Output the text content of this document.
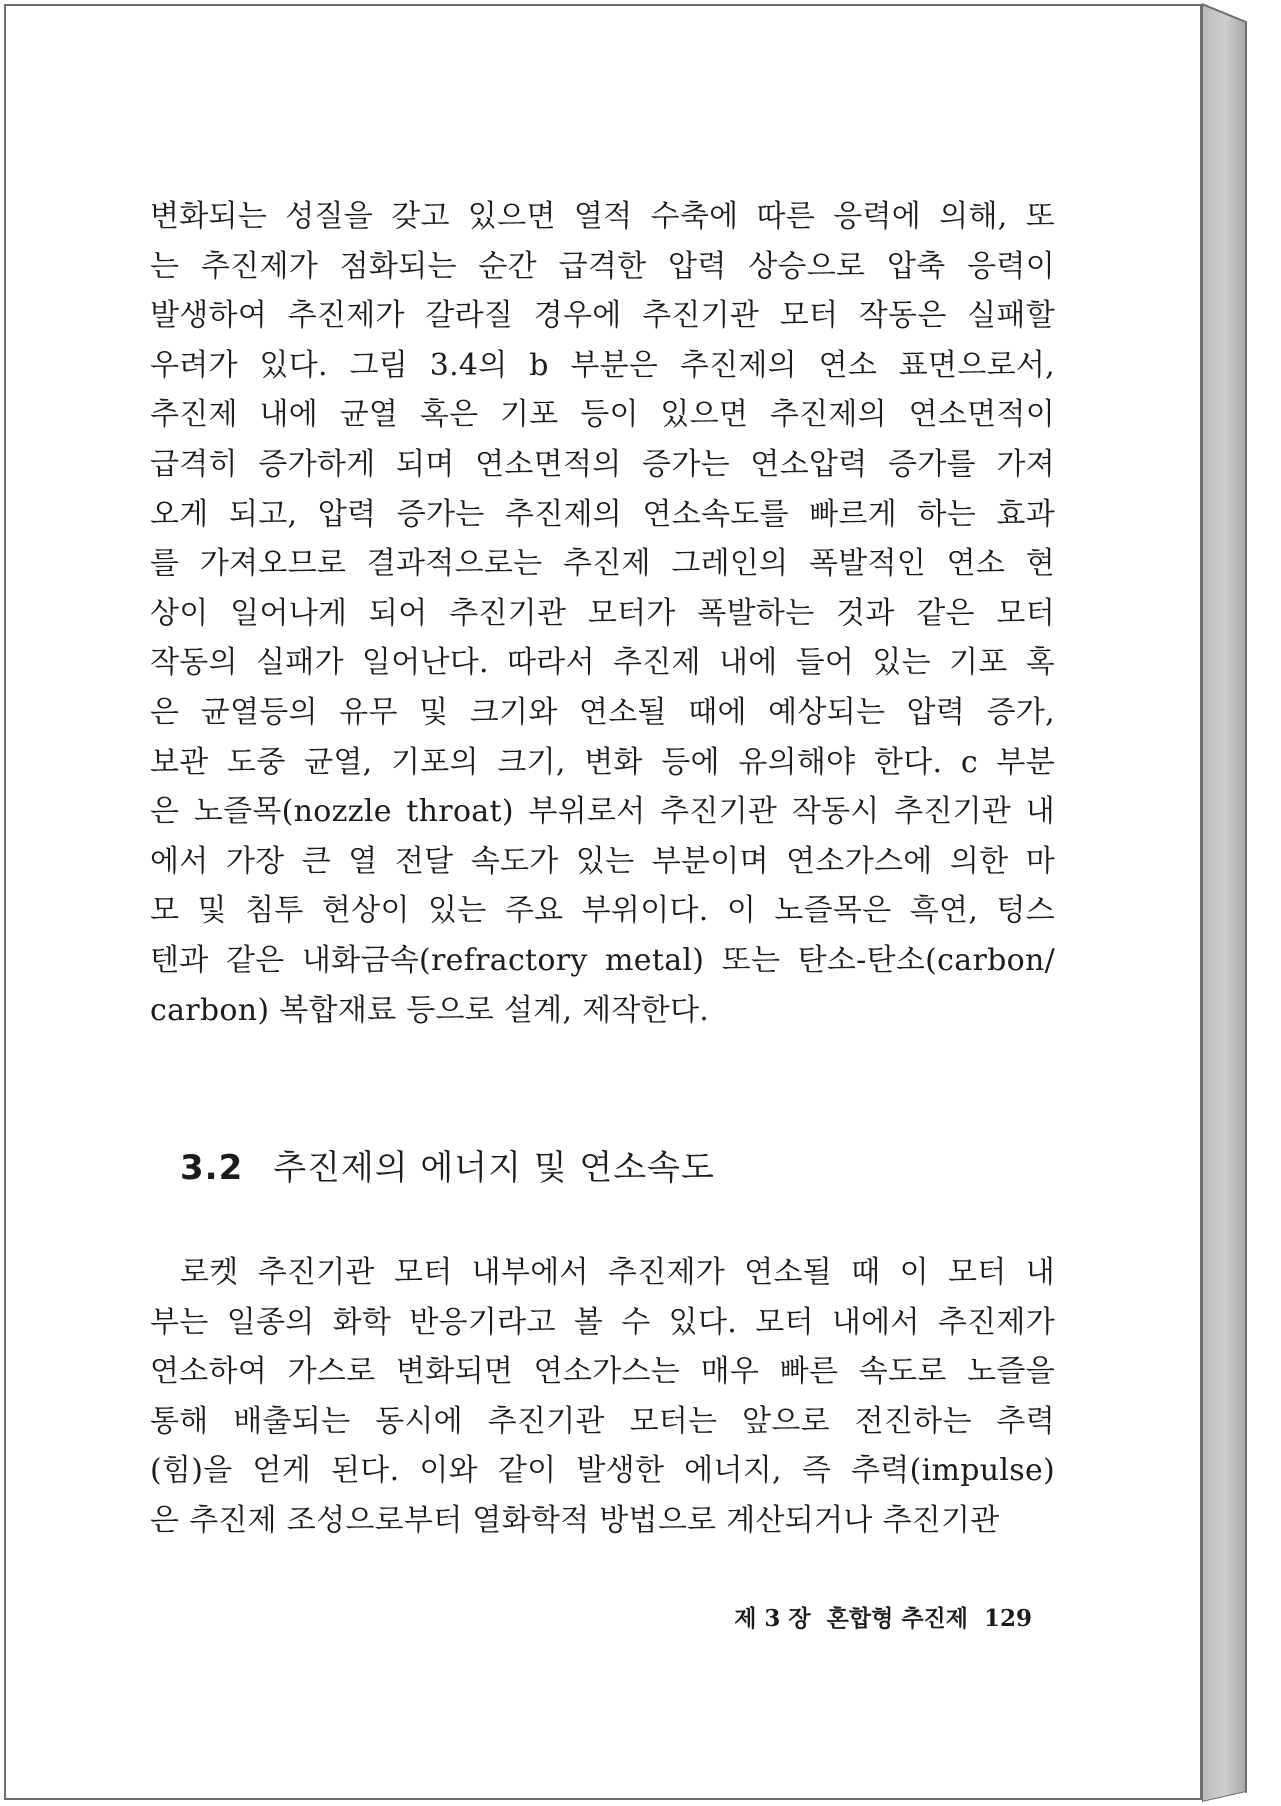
변화되는 성질을 갖고 있으면 열적 수축에 따른 응력에 의해, 또
는 추진제가 점화되는 순간 급격한 압력 상승으로 압축 응력이
발생하여 추진제가 갈라질 경우에 추진기관 모터 작동은 실패할
우려가 있다. 그림 3.4의 b 부분은 추진제의 연소 표면으로서,
추진제 내에 균열 혹은 기포 등이 있으면 추진제의 연소면적이
급격히 증가하게 되며 연소면적의 증가는 연소압력 증가를 가져
오게 되고, 압력 증가는 추진제의 연소속도를 빠르게 하는 효과
를 가져오므로 결과적으로는 추진제 그레인의 폭발적인 연소 현
상이 일어나게 되어 추진기관 모터가 폭발하는 것과 같은 모터
작동의 실패가 일어난다. 따라서 추진제 내에 들어 있는 기포 혹
은 균열등의 유무 및 크기와 연소될 때에 예상되는 압력 증가,
보관 도중 균열, 기포의 크기, 변화 등에 유의해야 한다. c 부분
은 노즐목(nozzle throat) 부위로서 추진기관 작동시 추진기관 내
에서 가장 큰 열 전달 속도가 있는 부분이며 연소가스에 의한 마
모 및 침투 현상이 있는 주요 부위이다. 이 노즐목은 흑연, 텅스
텐과 같은 내화금속(refractory metal) 또는 탄소-탄소(carbon/
carbon) 복합재료 등으로 설계, 제작한다.

3.2 추진제의 에너지 및 연소속도

로켓 추진기관 모터 내부에서 추진제가 연소될 때 이 모터 내
부는 일종의 화학 반응기라고 볼 수 있다. 모터 내에서 추진제가
연소하여 가스로 변화되면 연소가스는 매우 빠른 속도로 노즐을
통해 배출되는 동시에 추진기관 모터는 앞으로 전진하는 추력
(힘)을 얻게 된다. 이와 같이 발생한 에너지, 즉 추력(impulse)
은 추진제 조성으로부터 열화학적 방법으로 계산되거나 추진기관

제 3 장 혼합형 추진제 129
